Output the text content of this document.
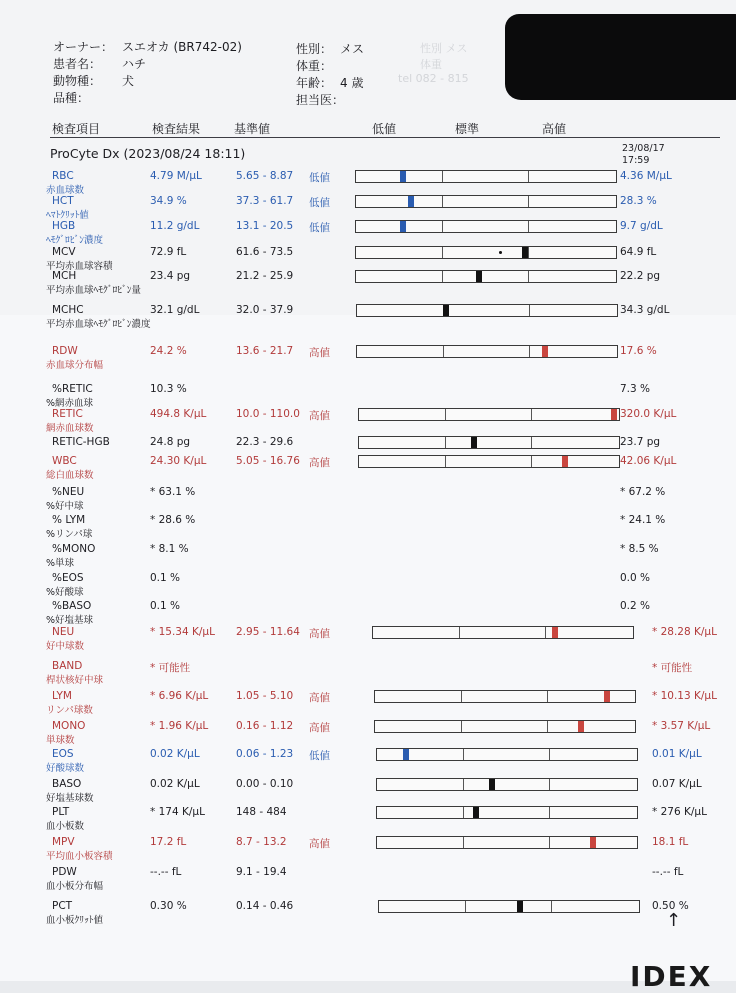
性別 メス
体重
tel 082 - 815
オーナー： スエオカ (BR742-02)
患者名： ハチ
動物種： 犬
品種：
性別： メス
体重：
年齢： 4 歳
担当医：
検査項目	検査結果	基準値	低値	標準	高値
ProCyte Dx (2023/08/24 18:11)	23/08/17
17:59
RBC
赤血球数
4.79 M/µL	5.65 - 8.87 低値	4.36 M/µL
HCT
ﾍﾏﾄｸﾘｯﾄ値
34.9 %	37.3 - 61.7 低値	28.3 %
HGB
ﾍﾓｸﾞﾛﾋﾞﾝ濃度
11.2 g/dL	13.1 - 20.5 低値	9.7 g/dL
MCV
平均赤血球容積
72.9 fL	61.6 - 73.5	64.9 fL
MCH
平均赤血球ﾍﾓｸﾞﾛﾋﾞﾝ量
23.4 pg	21.2 - 25.9	22.2 pg
MCHC
平均赤血球ﾍﾓｸﾞﾛﾋﾞﾝ濃度
32.1 g/dL	32.0 - 37.9	34.3 g/dL
RDW
赤血球分布幅
24.2 %	13.6 - 21.7 高値	17.6 %
%RETIC
%網赤血球
10.3 %	7.3 %
RETIC
網赤血球数
494.8 K/µL	10.0 - 110.0 高値	320.0 K/µL
RETIC-HGB	24.8 pg	22.3 - 29.6	23.7 pg
WBC
総白血球数
24.30 K/µL	5.05 - 16.76 高値	42.06 K/µL
%NEU
%好中球
* 63.1 %	* 67.2 %
% LYM
%リンパ球
* 28.6 %	* 24.1 %
%MONO
%単球
* 8.1 %	* 8.5 %
%EOS
%好酸球
0.1 %	0.0 %
%BASO
%好塩基球
0.1 %	0.2 %
NEU
好中球数
* 15.34 K/µL 2.95 - 11.64 高値	* 28.28 K/µL
BAND
桿状核好中球
* 可能性	* 可能性
LYM
リンパ球数
* 6.96 K/µL	1.05 - 5.10 高値	* 10.13 K/µL
MONO
単球数
* 1.96 K/µL	0.16 - 1.12 高値	* 3.57 K/µL
EOS
好酸球数
0.02 K/µL	0.06 - 1.23 低値	0.01 K/µL
BASO
好塩基球数
0.02 K/µL	0.00 - 0.10	0.07 K/µL
PLT
血小板数
* 174 K/µL	148 - 484	* 276 K/µL
MPV
平均血小板容積
17.2 fL	8.7 - 13.2 高値	18.1 fL
PDW
血小板分布幅
--.-- fL	9.1 - 19.4	--.-- fL
PCT
血小板ｸﾘｯﾄ値
0.30 %	0.14 - 0.46	0.50 %
↑
IDEX
